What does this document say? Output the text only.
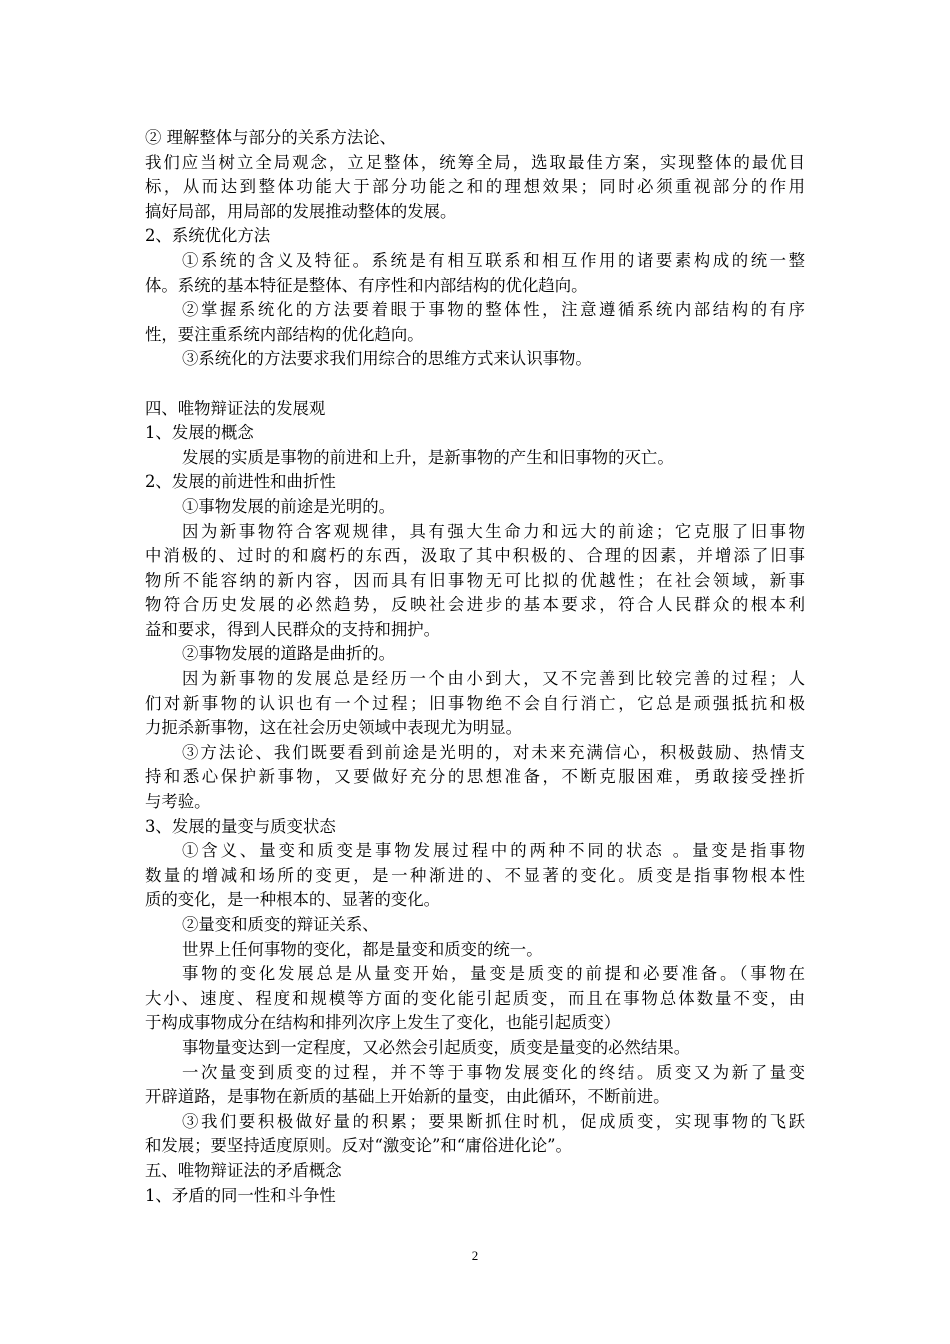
② 理解整体与部分的关系方法论、
我们应当树立全局观念，立足整体，统筹全局，选取最佳方案，实现整体的最优目
标，从而达到整体功能大于部分功能之和的理想效果；同时必须重视部分的作用
搞好局部，用局部的发展推动整体的发展。
2、系统优化方法
①系统的含义及特征。系统是有相互联系和相互作用的诸要素构成的统一整
体。系统的基本特征是整体、有序性和内部结构的优化趋向。
②掌握系统化的方法要着眼于事物的整体性，注意遵循系统内部结构的有序
性，要注重系统内部结构的优化趋向。
③系统化的方法要求我们用综合的思维方式来认识事物。
四、唯物辩证法的发展观
1、发展的概念
发展的实质是事物的前进和上升，是新事物的产生和旧事物的灭亡。
2、发展的前进性和曲折性
①事物发展的前途是光明的。
因为新事物符合客观规律，具有强大生命力和远大的前途；它克服了旧事物
中消极的、过时的和腐朽的东西，汲取了其中积极的、合理的因素，并增添了旧事
物所不能容纳的新内容，因而具有旧事物无可比拟的优越性；在社会领域，新事
物符合历史发展的必然趋势，反映社会进步的基本要求，符合人民群众的根本利
益和要求，得到人民群众的支持和拥护。
②事物发展的道路是曲折的。
因为新事物的发展总是经历一个由小到大，又不完善到比较完善的过程；人
们对新事物的认识也有一个过程；旧事物绝不会自行消亡，它总是顽强抵抗和极
力扼杀新事物，这在社会历史领域中表现尤为明显。
③方法论、我们既要看到前途是光明的，对未来充满信心，积极鼓励、热情支
持和悉心保护新事物，又要做好充分的思想准备，不断克服困难，勇敢接受挫折
与考验。
3、发展的量变与质变状态
①含义、量变和质变是事物发展过程中的两种不同的状态 。量变是指事物
数量的增减和场所的变更，是一种渐进的、不显著的变化。质变是指事物根本性
质的变化，是一种根本的、显著的变化。
②量变和质变的辩证关系、
世界上任何事物的变化，都是量变和质变的统一。
事物的变化发展总是从量变开始，量变是质变的前提和必要准备。（事物在
大小、速度、程度和规模等方面的变化能引起质变，而且在事物总体数量不变，由
于构成事物成分在结构和排列次序上发生了变化，也能引起质变）
事物量变达到一定程度，又必然会引起质变，质变是量变的必然结果。
一次量变到质变的过程，并不等于事物发展变化的终结。质变又为新了量变
开辟道路，是事物在新质的基础上开始新的量变，由此循环，不断前进。
③我们要积极做好量的积累；要果断抓住时机，促成质变，实现事物的飞跃
和发展；要坚持适度原则。反对“激变论”和“庸俗进化论”。
五、唯物辩证法的矛盾概念
1、矛盾的同一性和斗争性
2
